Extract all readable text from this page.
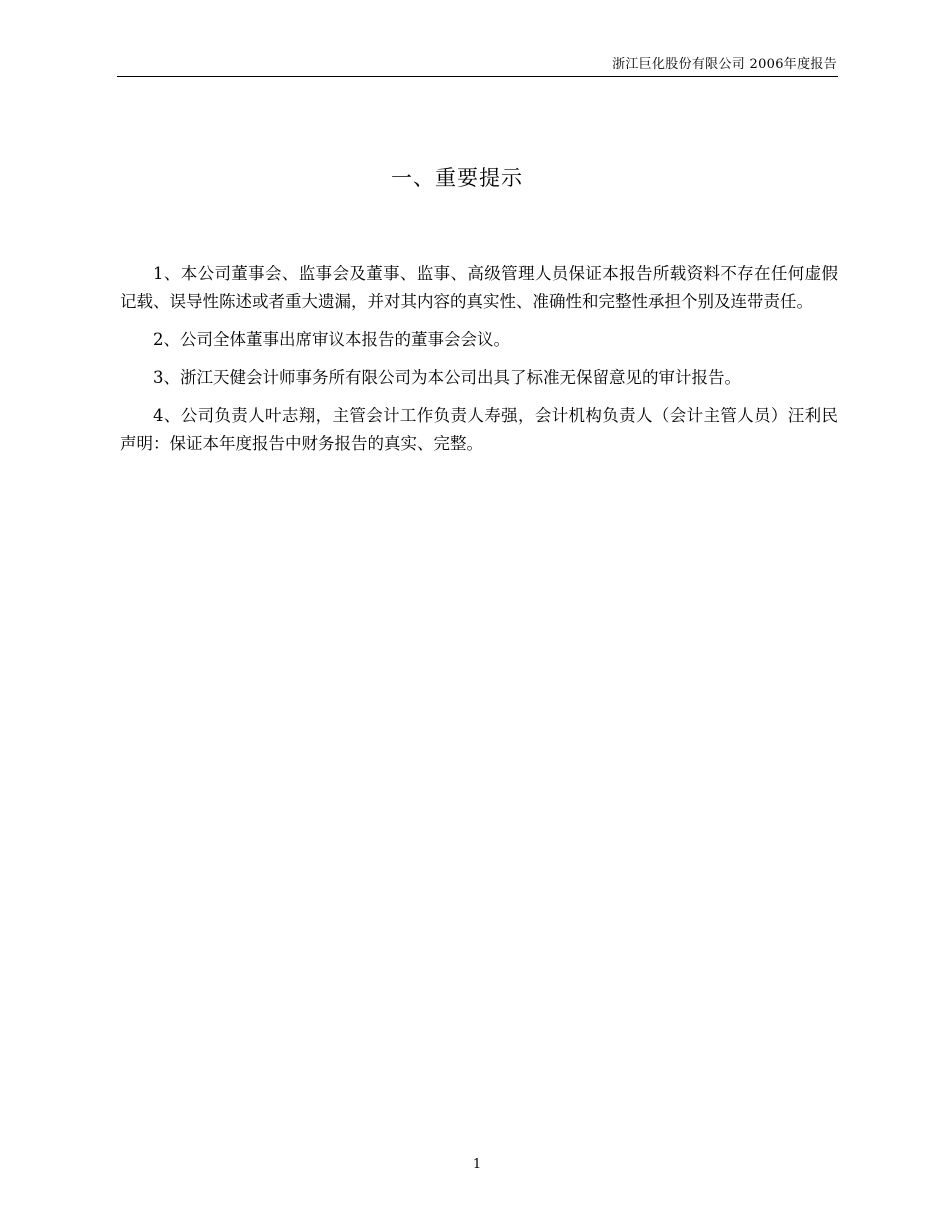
浙江巨化股份有限公司 2006年度报告
一、重要提示

1、本公司董事会、监事会及董事、监事、高级管理人员保证本报告所载资料不存在任何虚假记载、误导性陈述或者重大遗漏，并对其内容的真实性、准确性和完整性承担个别及连带责任。

2、公司全体董事出席审议本报告的董事会会议。

3、浙江天健会计师事务所有限公司为本公司出具了标准无保留意见的审计报告。

4、公司负责人叶志翔，主管会计工作负责人寿强，会计机构负责人（会计主管人员）汪利民声明：保证本年度报告中财务报告的真实、完整。

1
